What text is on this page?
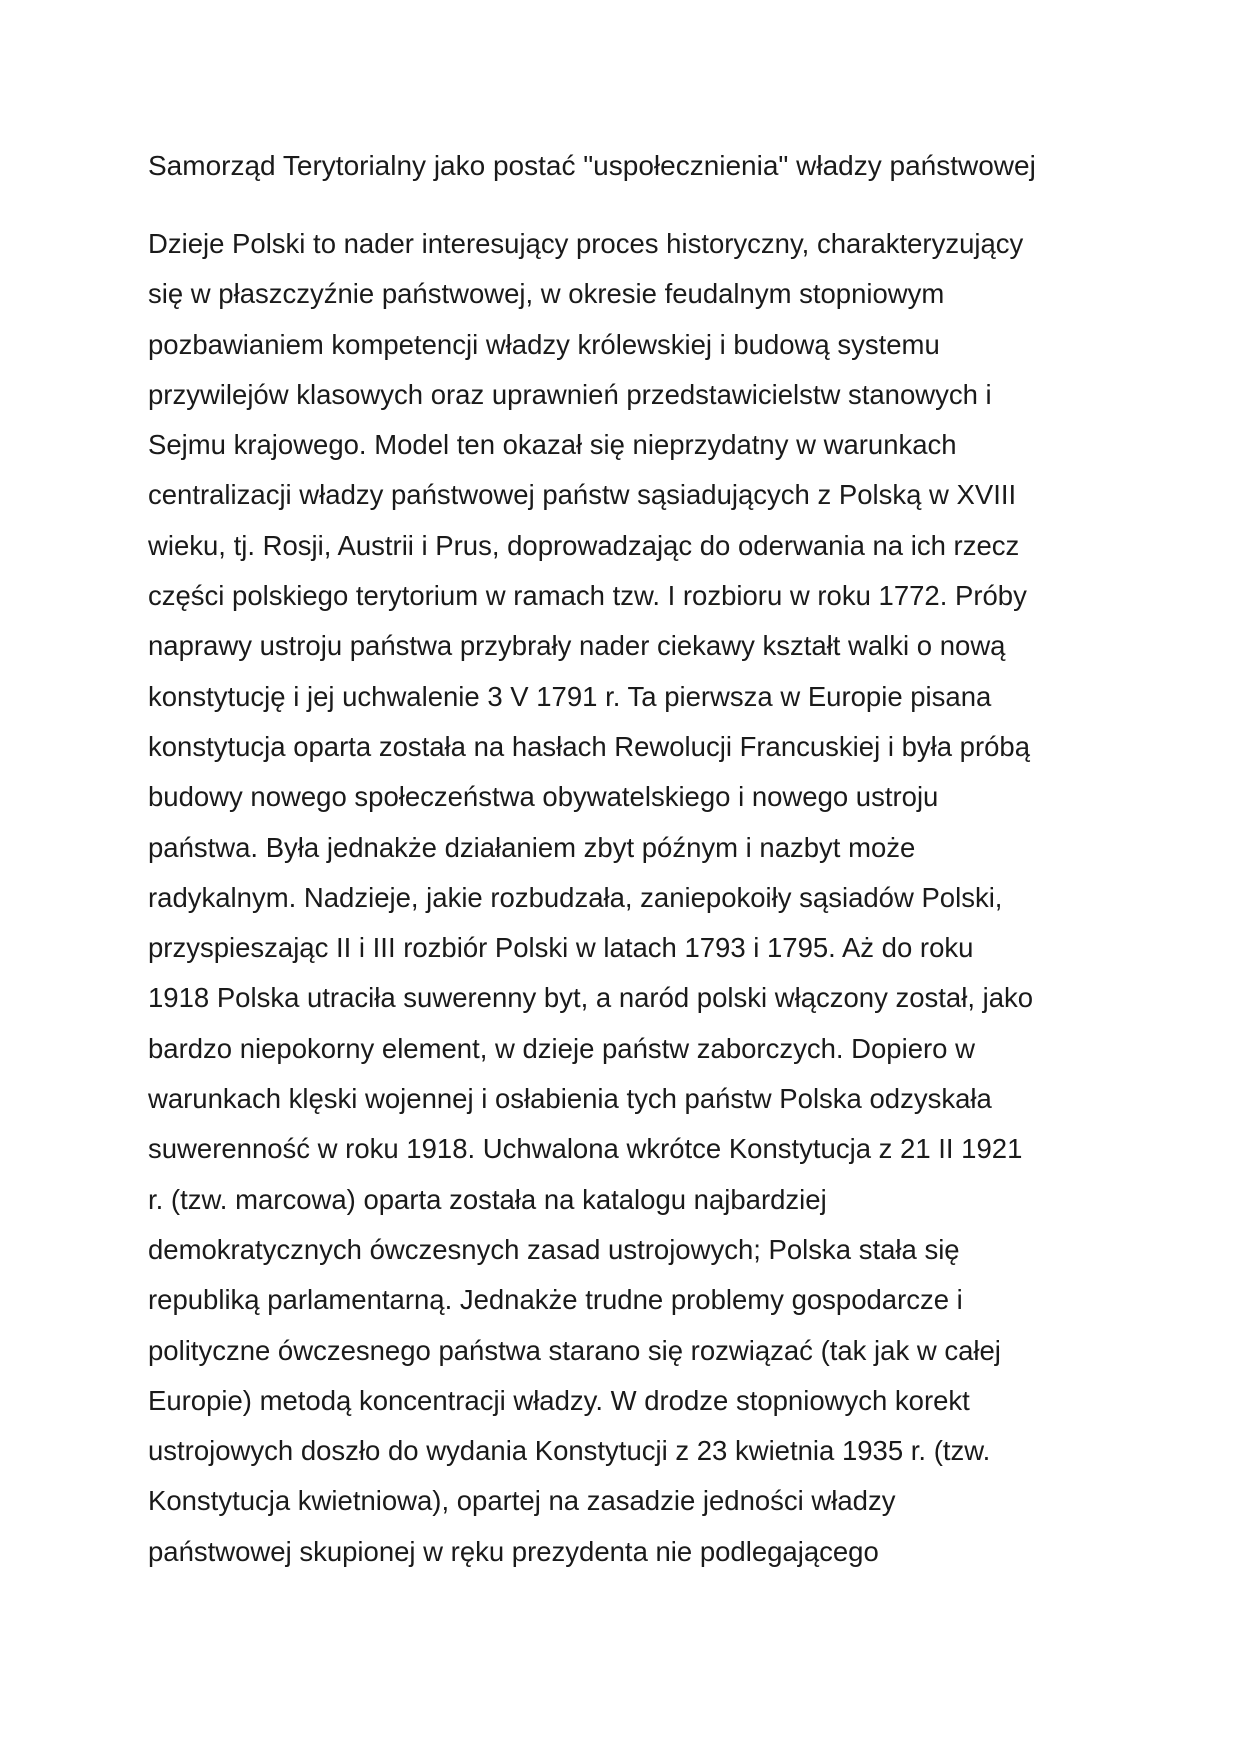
Samorząd Terytorialny jako postać "uspołecznienia" władzy państwowej
Dzieje Polski to nader interesujący proces historyczny, charakteryzujący
się w płaszczyźnie państwowej, w okresie feudalnym stopniowym
pozbawianiem kompetencji władzy królewskiej i budową systemu
przywilejów klasowych oraz uprawnień przedstawicielstw stanowych i
Sejmu krajowego. Model ten okazał się nieprzydatny w warunkach
centralizacji władzy państwowej państw sąsiadujących z Polską w XVIII
wieku, tj. Rosji, Austrii i Prus, doprowadzając do oderwania na ich rzecz
części polskiego terytorium w ramach tzw. I rozbioru w roku 1772. Próby
naprawy ustroju państwa przybrały nader ciekawy kształt walki o nową
konstytucję i jej uchwalenie 3 V 1791 r. Ta pierwsza w Europie pisana
konstytucja oparta została na hasłach Rewolucji Francuskiej i była próbą
budowy nowego społeczeństwa obywatelskiego i nowego ustroju
państwa. Była jednakże działaniem zbyt późnym i nazbyt może
radykalnym. Nadzieje, jakie rozbudzała, zaniepokoiły sąsiadów Polski,
przyspieszając II i III rozbiór Polski w latach 1793 i 1795. Aż do roku
1918 Polska utraciła suwerenny byt, a naród polski włączony został, jako
bardzo niepokorny element, w dzieje państw zaborczych. Dopiero w
warunkach klęski wojennej i osłabienia tych państw Polska odzyskała
suwerenność w roku 1918. Uchwalona wkrótce Konstytucja z 21 II 1921
r. (tzw. marcowa) oparta została na katalogu najbardziej
demokratycznych ówczesnych zasad ustrojowych; Polska stała się
republiką parlamentarną. Jednakże trudne problemy gospodarcze i
polityczne ówczesnego państwa starano się rozwiązać (tak jak w całej
Europie) metodą koncentracji władzy. W drodze stopniowych korekt
ustrojowych doszło do wydania Konstytucji z 23 kwietnia 1935 r. (tzw.
Konstytucja kwietniowa), opartej na zasadzie jedności władzy
państwowej skupionej w ręku prezydenta nie podlegającego
